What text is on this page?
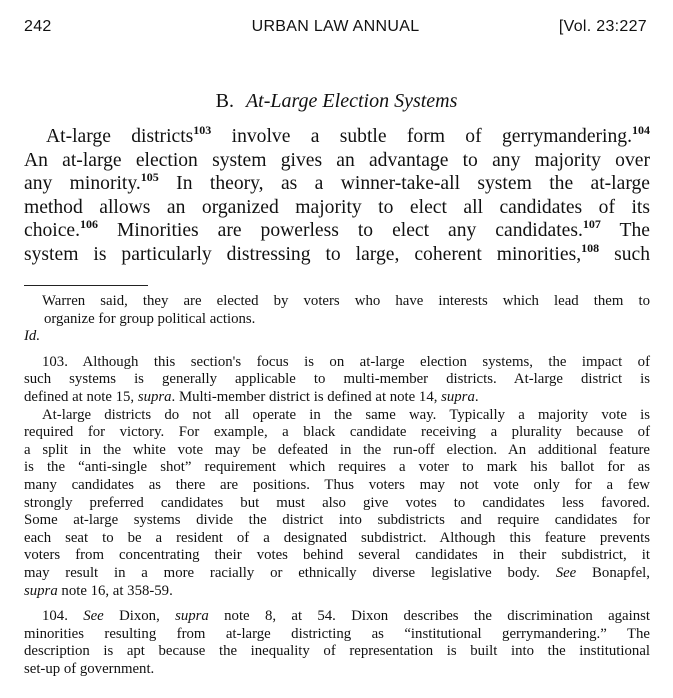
242	URBAN LAW ANNUAL	[Vol. 23:227
B. At-Large Election Systems
At-large districts$^{103}$ involve a subtle form of gerrymandering.$^{104}$
An at-large election system gives an advantage to any majority over
any minority.$^{105}$ In theory, as a winner-take-all system the at-large
method allows an organized majority to elect all candidates of its
choice.$^{106}$ Minorities are powerless to elect any candidates.$^{107}$ The
system is particularly distressing to large, coherent minorities,$^{108}$ such
Warren said, they are elected by voters who have interests which lead them to
organize for group political actions.
Id.
103. Although this section's focus is on at-large election systems, the impact of
such systems is generally applicable to multi-member districts. At-large district is
defined at note 15, supra. Multi-member district is defined at note 14, supra.
At-large districts do not all operate in the same way. Typically a majority vote is
required for victory. For example, a black candidate receiving a plurality because of
a split in the white vote may be defeated in the run-off election. An additional feature
is the “anti-single shot” requirement which requires a voter to mark his ballot for as
many candidates as there are positions. Thus voters may not vote only for a few
strongly preferred candidates but must also give votes to candidates less favored.
Some at-large systems divide the district into subdistricts and require candidates for
each seat to be a resident of a designated subdistrict. Although this feature prevents
voters from concentrating their votes behind several candidates in their subdistrict, it
may result in a more racially or ethnically diverse legislative body. See Bonapfel,
supra note 16, at 358-59.
104. See Dixon, supra note 8, at 54. Dixon describes the discrimination against
minorities resulting from at-large districting as “institutional gerrymandering.” The
description is apt because the inequality of representation is built into the institutional
set-up of government.
